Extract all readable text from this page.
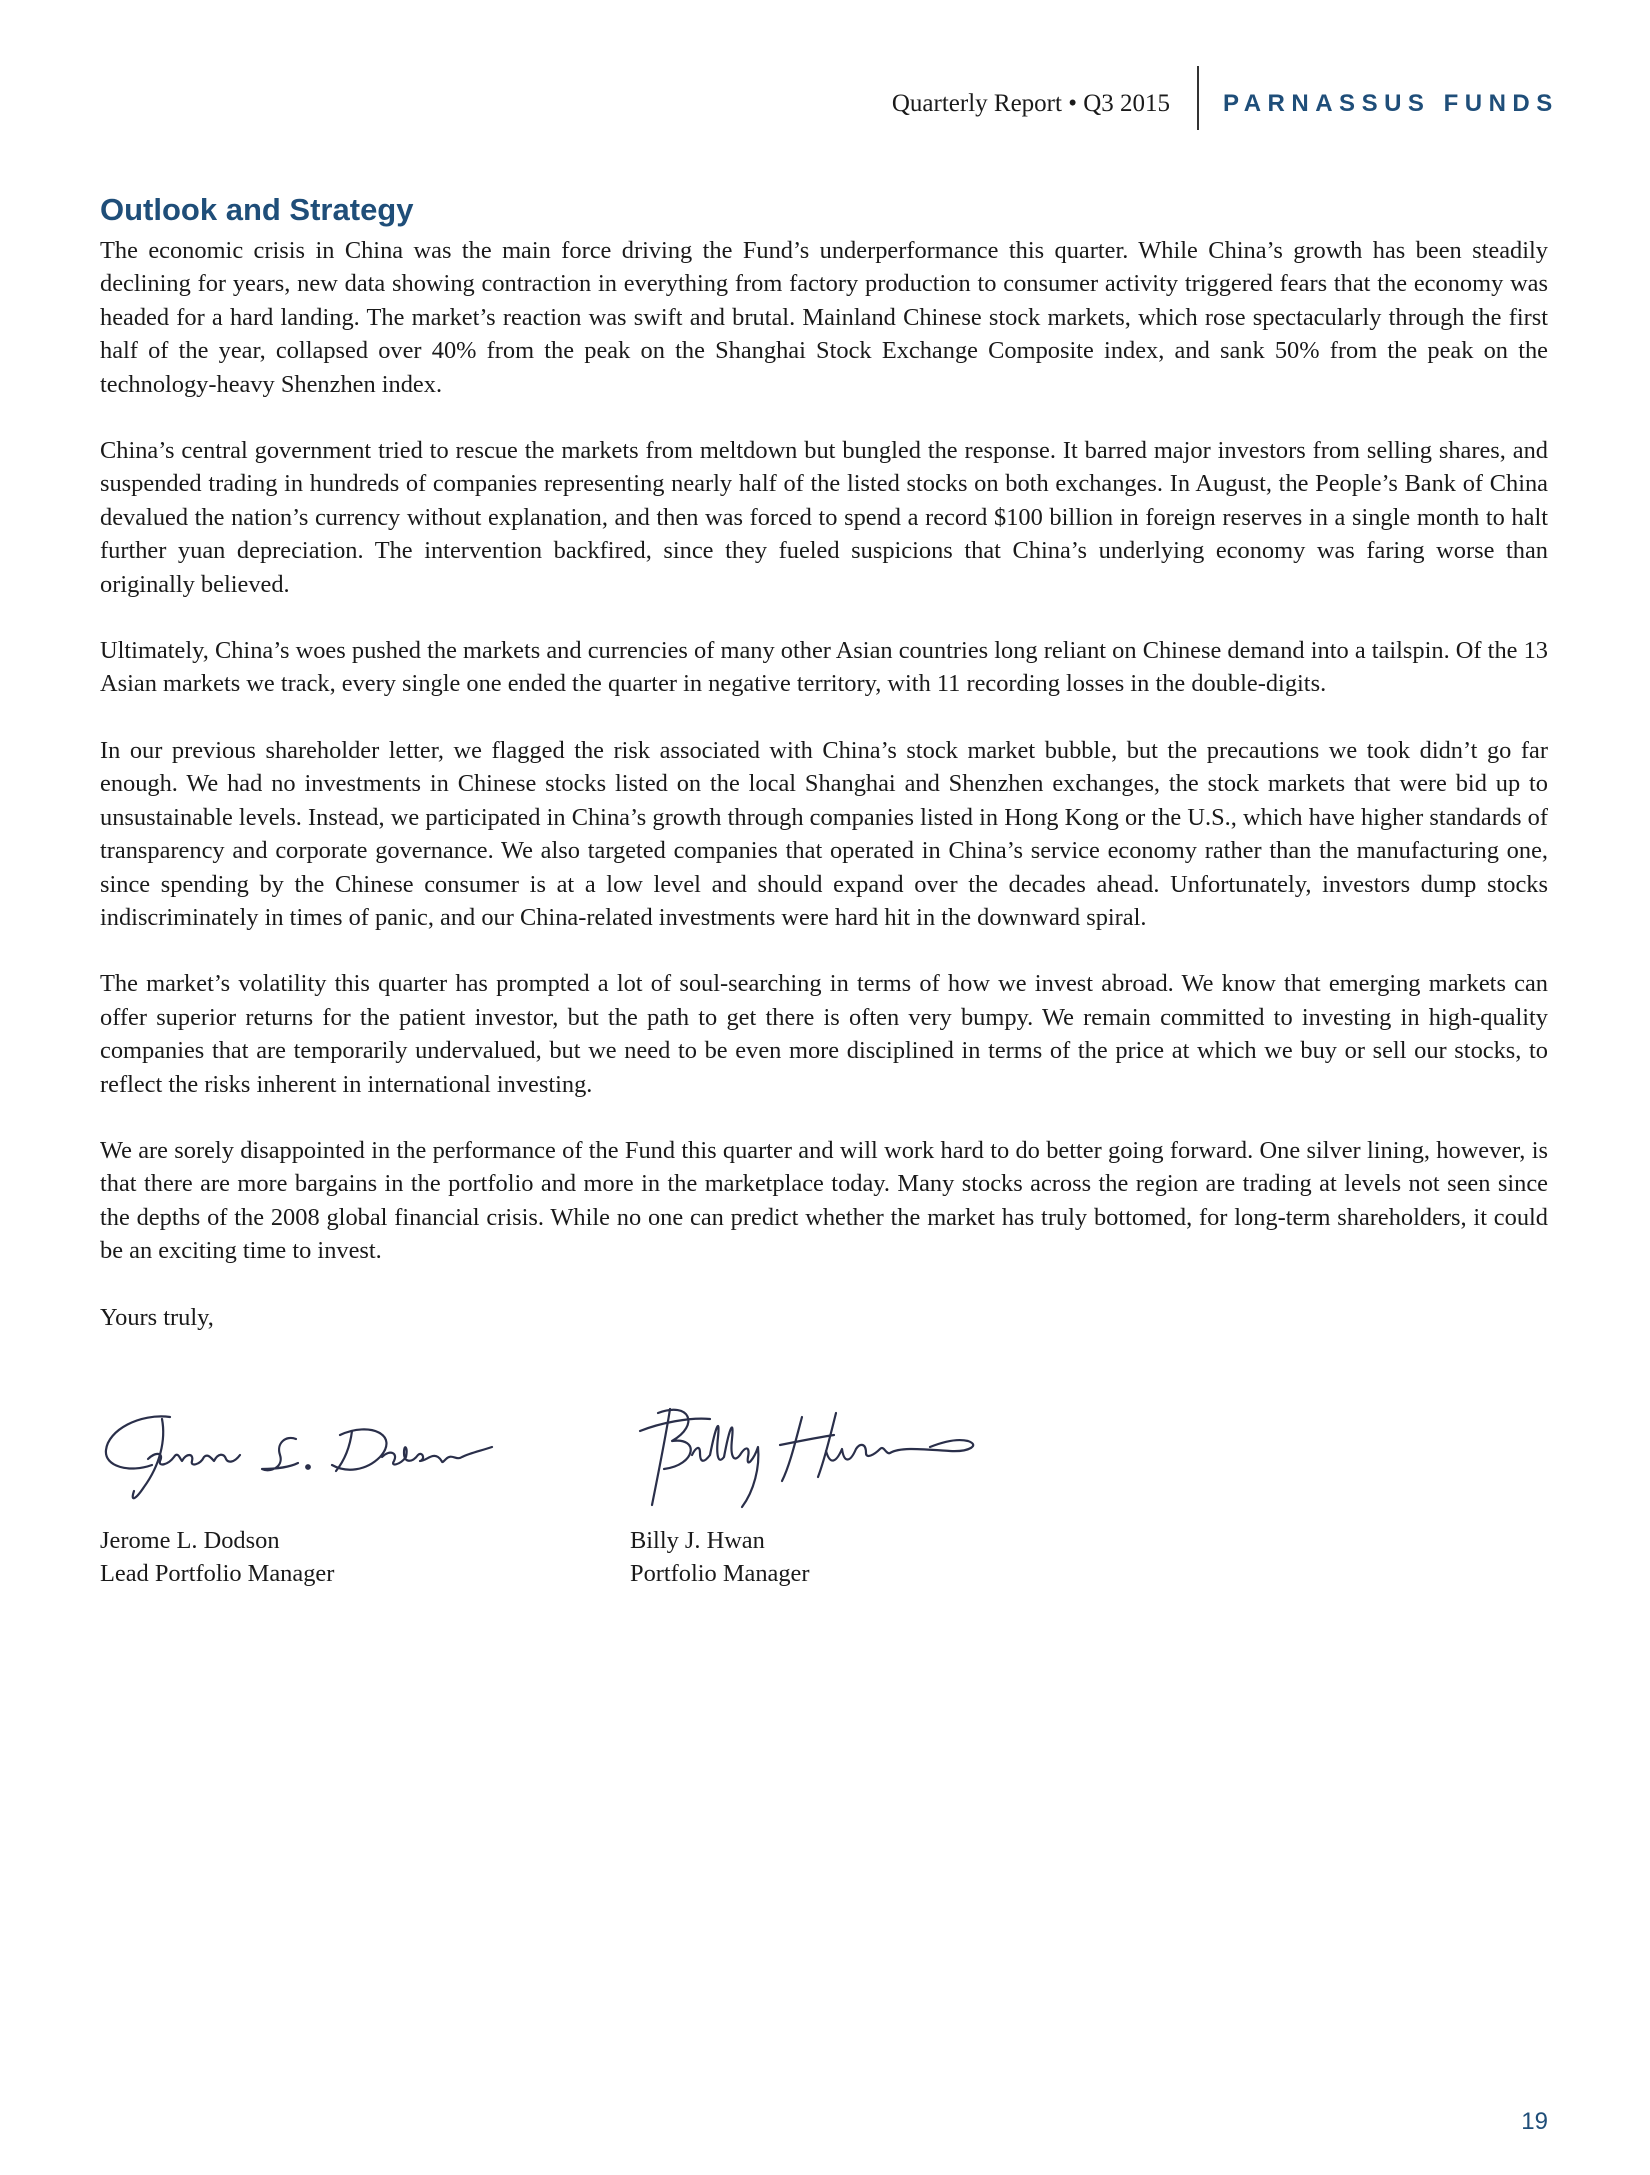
Quarterly Report • Q3 2015 PARNASSUS FUNDS
Outlook and Strategy

The economic crisis in China was the main force driving the Fund’s underperformance this quarter. While China’s growth has been steadily declining for years, new data showing contraction in everything from factory production to consumer activity triggered fears that the economy was headed for a hard landing. The market’s reaction was swift and brutal. Mainland Chinese stock markets, which rose spectacularly through the first half of the year, collapsed over 40% from the peak on the Shanghai Stock Exchange Composite index, and sank 50% from the peak on the technology-heavy Shenzhen index.

China’s central government tried to rescue the markets from meltdown but bungled the response. It barred major investors from selling shares, and suspended trading in hundreds of companies representing nearly half of the listed stocks on both exchanges. In August, the People’s Bank of China devalued the nation’s currency without explanation, and then was forced to spend a record $100 billion in foreign reserves in a single month to halt further yuan depreciation. The intervention backfired, since they fueled suspicions that China’s underlying economy was faring worse than originally believed.

Ultimately, China’s woes pushed the markets and currencies of many other Asian countries long reliant on Chinese demand into a tailspin. Of the 13 Asian markets we track, every single one ended the quarter in negative territory, with 11 recording losses in the double-digits.

In our previous shareholder letter, we flagged the risk associated with China’s stock market bubble, but the precautions we took didn’t go far enough. We had no investments in Chinese stocks listed on the local Shanghai and Shenzhen exchanges, the stock markets that were bid up to unsustainable levels. Instead, we participated in China’s growth through companies listed in Hong Kong or the U.S., which have higher standards of transparency and corporate governance. We also targeted companies that operated in China’s service economy rather than the manufacturing one, since spending by the Chinese consumer is at a low level and should expand over the decades ahead. Unfortunately, investors dump stocks indiscriminately in times of panic, and our China-related investments were hard hit in the downward spiral.

The market’s volatility this quarter has prompted a lot of soul-searching in terms of how we invest abroad. We know that emerging markets can offer superior returns for the patient investor, but the path to get there is often very bumpy. We remain committed to investing in high-quality companies that are temporarily undervalued, but we need to be even more disciplined in terms of the price at which we buy or sell our stocks, to reflect the risks inherent in international investing.

We are sorely disappointed in the performance of the Fund this quarter and will work hard to do better going forward. One silver lining, however, is that there are more bargains in the portfolio and more in the marketplace today. Many stocks across the region are trading at levels not seen since the depths of the 2008 global financial crisis. While no one can predict whether the market has truly bottomed, for long-term shareholders, it could be an exciting time to invest.

Yours truly,

Jerome L. Dodson
Lead Portfolio Manager
Billy J. Hwan
Portfolio Manager
19
